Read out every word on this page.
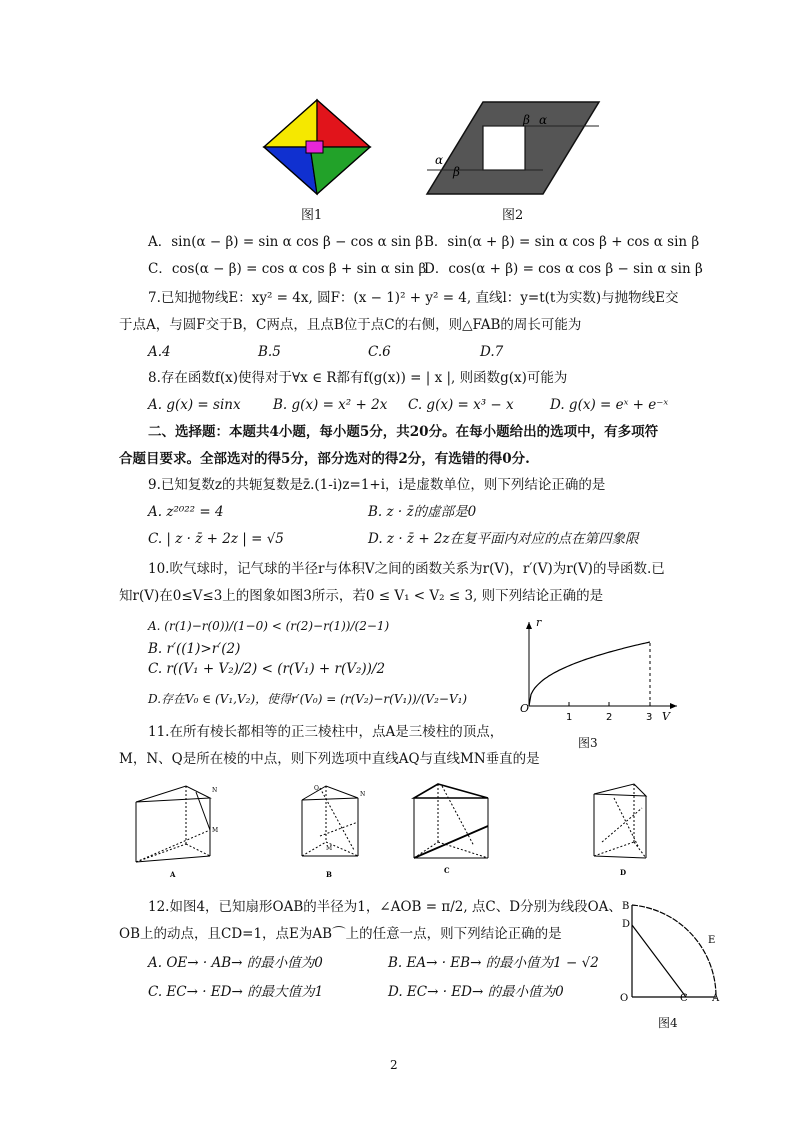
图1
β α
α
β
图2
A．sin(α − β) = sin α cos β − cos α sin β B．sin(α + β) = sin α cos β + cos α sin β
C．cos(α − β) = cos α cos β + sin α sin β
D．cos(α + β) = cos α cos β − sin α sin β
7.已知抛物线E：xy² = 4x, 圆F：(x − 1)² + y² = 4, 直线l：y=t(t为实数)与抛物线E交
于点A，与圆F交于B，C两点，且点B位于点C的右侧，则△FAB的周长可能为
A.4	B.5	C.6	D.7
8.存在函数f(x)使得对于∀x ∈ R都有f(g(x)) = | x |, 则函数g(x)可能为
A. g(x) = sinx B. g(x) = x² + 2x C. g(x) = x³ − x	D. g(x) = eˣ + e⁻ˣ
二、选择题：本题共4小题，每小题5分，共20分。在每小题给出的选项中，有多项符
合题目要求。全部选对的得5分，部分选对的得2分，有选错的得0分.
9.已知复数z的共轭复数是z̄.(1-i)z=1+i，i是虚数单位，则下列结论正确的是
A. z²⁰²² = 4	B. z · z̄的虚部是0
C. | z · z̄ + 2z | = √5	D. z · z̄ + 2z在复平面内对应的点在第四象限
10.吹气球时，记气球的半径r与体积V之间的函数关系为r(V)，r′(V)为r(V)的导函数.已
知r(V)在0≤V≤3上的图象如图3所示，若0 ≤ V₁ < V₂ ≤ 3, 则下列结论正确的是
A. (r(1)−r(0))/(1−0) < (r(2)−r(1))/(2−1)
B. r′((1)>r′(2)
C. r((V₁ + V₂)/2) < (r(V₁) + r(V₂))/2
D.存在V₀ ∈ (V₁,V₂)，使得r′(V₀) = (r(V₂)−r(V₁))/(V₂−V₁)
O
r
V
1	2	3
图3
11.在所有棱长都相等的正三棱柱中，点A是三棱柱的顶点，
M，N、Q是所在棱的中点，则下列选项中直线AQ与直线MN垂直的是
N
M
A
Q
N
M
B	C	D
12.如图4，已知扇形OAB的半径为1，∠AOB = π/2, 点C、D分别为线段OA、
OB上的动点，且CD=1，点E为AB⌒上的任意一点，则下列结论正确的是
A. OE→ · AB→ 的最小值为0	B. EA→ · EB→ 的最小值为1 − √2
C. EC→ · ED→ 的最大值为1	D. EC→ · ED→ 的最小值为0
B
D
O	C A
E
图4
2
